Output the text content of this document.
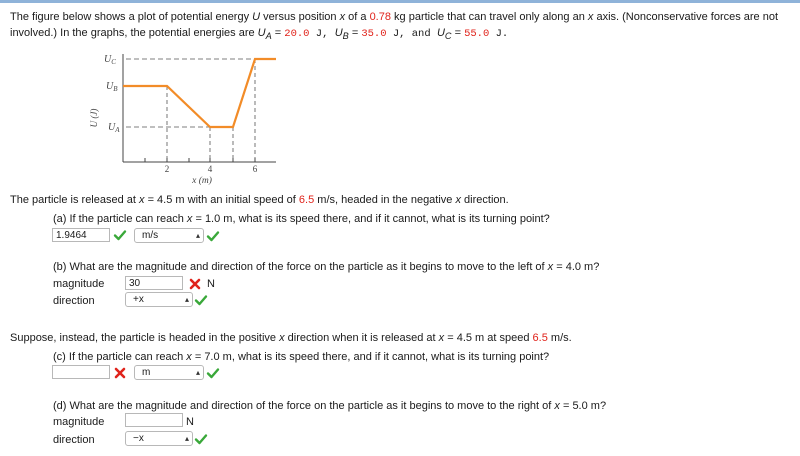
The figure below shows a plot of potential energy U versus position x of a 0.78 kg particle that can travel only along an x axis. (Nonconservative forces are not involved.) In the graphs, the potential energies are $U_A = 20.0$ J, $U_B = 35.0$ J, and $U_C = 55.0$ J.
$U_C$
$U_B$
$U_A$
U (J)
2	4	6
x (m)
The particle is released at x = 4.5 m with an initial speed of 6.5 m/s, headed in the negative x direction.
(a) If the particle can reach x = 1.0 m, what is its speed there, and if it cannot, what is its turning point?
1.9464	m/s	▴

(b) What are the magnitude and direction of the force on the particle as it begins to move to the left of x = 4.0 m?
magnitude	30	N
direction	+x	▴

Suppose, instead, the particle is headed in the positive x direction when it is released at x = 4.5 m at speed 6.5 m/s.
(c) If the particle can reach x = 7.0 m, what is its speed there, and if it cannot, what is its turning point?
m	▴

(d) What are the magnitude and direction of the force on the particle as it begins to move to the right of x = 5.0 m?
magnitude	N
direction	−x	▴
